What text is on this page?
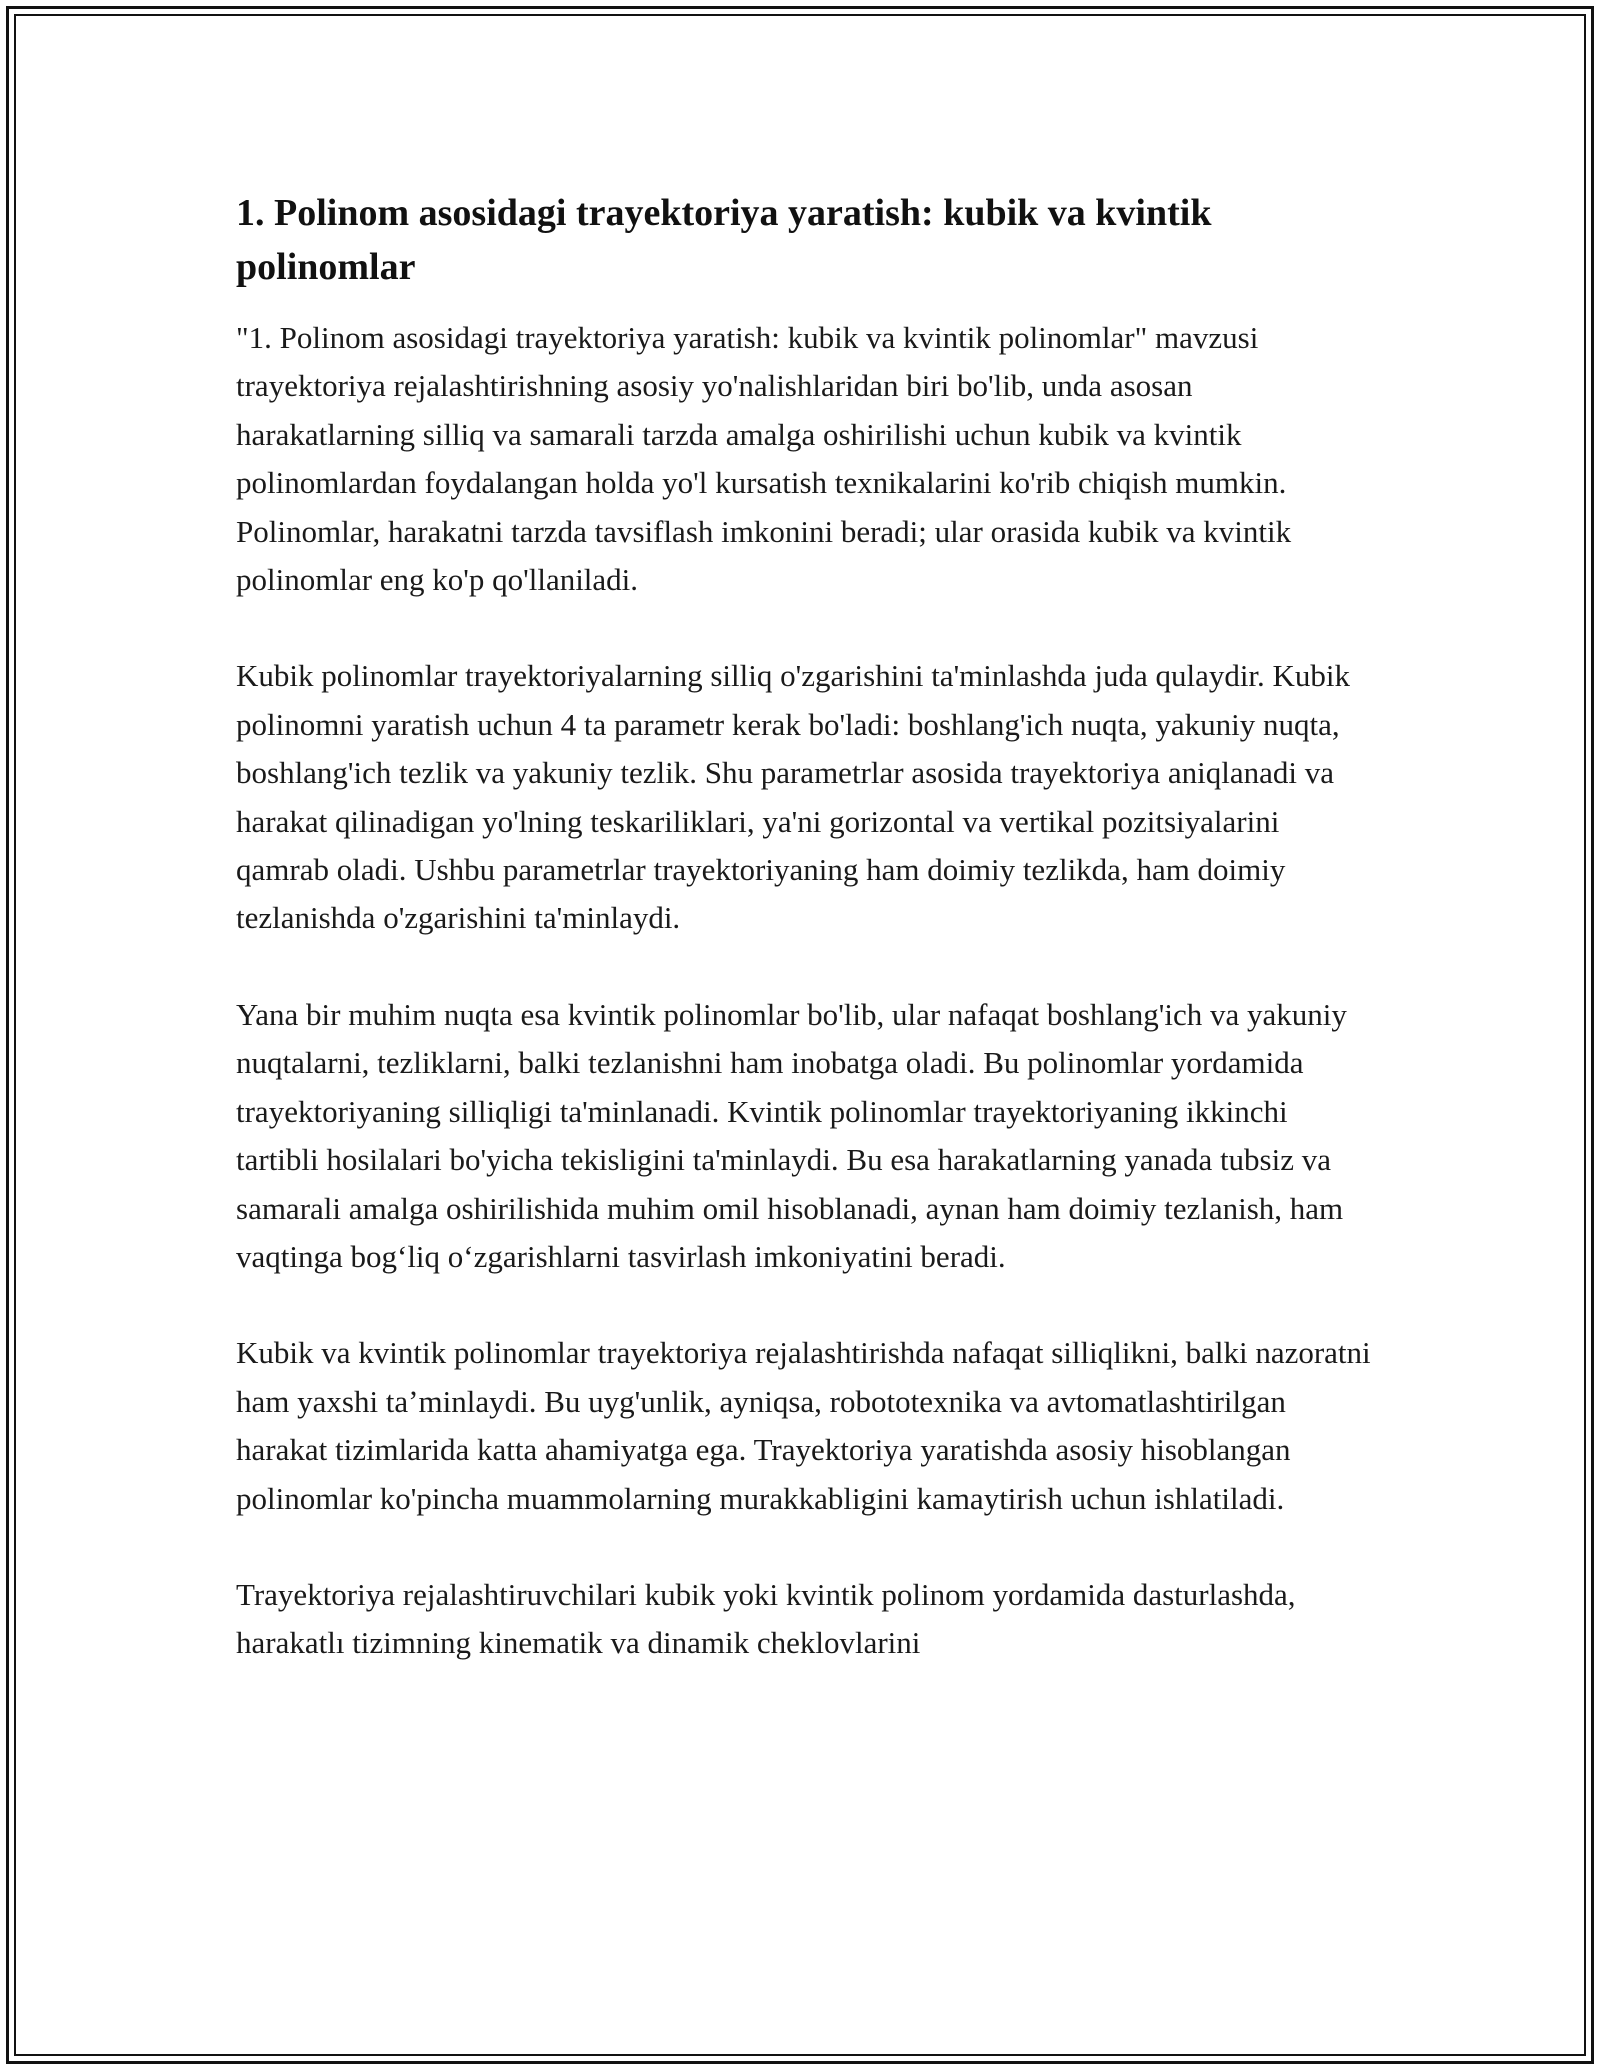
1. Polinom asosidagi trayektoriya yaratish: kubik va kvintik polinomlar

"1. Polinom asosidagi trayektoriya yaratish: kubik va kvintik polinomlar" mavzusi trayektoriya rejalashtirishning asosiy yo'nalishlaridan biri bo'lib, unda asosan harakatlarning silliq va samarali tarzda amalga oshirilishi uchun kubik va kvintik polinomlardan foydalangan holda yo'l kursatish texnikalarini ko'rib chiqish mumkin. Polinomlar, harakatni tarzda tavsiflash imkonini beradi; ular orasida kubik va kvintik polinomlar eng ko'p qo'llaniladi.

Kubik polinomlar trayektoriyalarning silliq o'zgarishini ta'minlashda juda qulaydir. Kubik polinomni yaratish uchun 4 ta parametr kerak bo'ladi: boshlang'ich nuqta, yakuniy nuqta, boshlang'ich tezlik va yakuniy tezlik. Shu parametrlar asosida trayektoriya aniqlanadi va harakat qilinadigan yo'lning teskariliklari, ya'ni gorizontal va vertikal pozitsiyalarini qamrab oladi. Ushbu parametrlar trayektoriyaning ham doimiy tezlikda, ham doimiy tezlanishda o'zgarishini ta'minlaydi.

Yana bir muhim nuqta esa kvintik polinomlar bo'lib, ular nafaqat boshlang'ich va yakuniy nuqtalarni, tezliklarni, balki tezlanishni ham inobatga oladi. Bu polinomlar yordamida trayektoriyaning silliqligi ta'minlanadi. Kvintik polinomlar trayektoriyaning ikkinchi tartibli hosilalari bo'yicha tekisligini ta'minlaydi. Bu esa harakatlarning yanada tubsiz va samarali amalga oshirilishida muhim omil hisoblanadi, aynan ham doimiy tezlanish, ham vaqtinga bogʻliq oʻzgarishlarni tasvirlash imkoniyatini beradi.

Kubik va kvintik polinomlar trayektoriya rejalashtirishda nafaqat silliqlikni, balki nazoratni ham yaxshi taʼminlaydi. Bu uyg'unlik, ayniqsa, robototexnika va avtomatlashtirilgan harakat tizimlarida katta ahamiyatga ega. Trayektoriya yaratishda asosiy hisoblangan polinomlar ko'pincha muammolarning murakkabligini kamaytirish uchun ishlatiladi.

Trayektoriya rejalashtiruvchilari kubik yoki kvintik polinom yordamida dasturlashda, harakatlı tizimning kinematik va dinamik cheklovlarini
